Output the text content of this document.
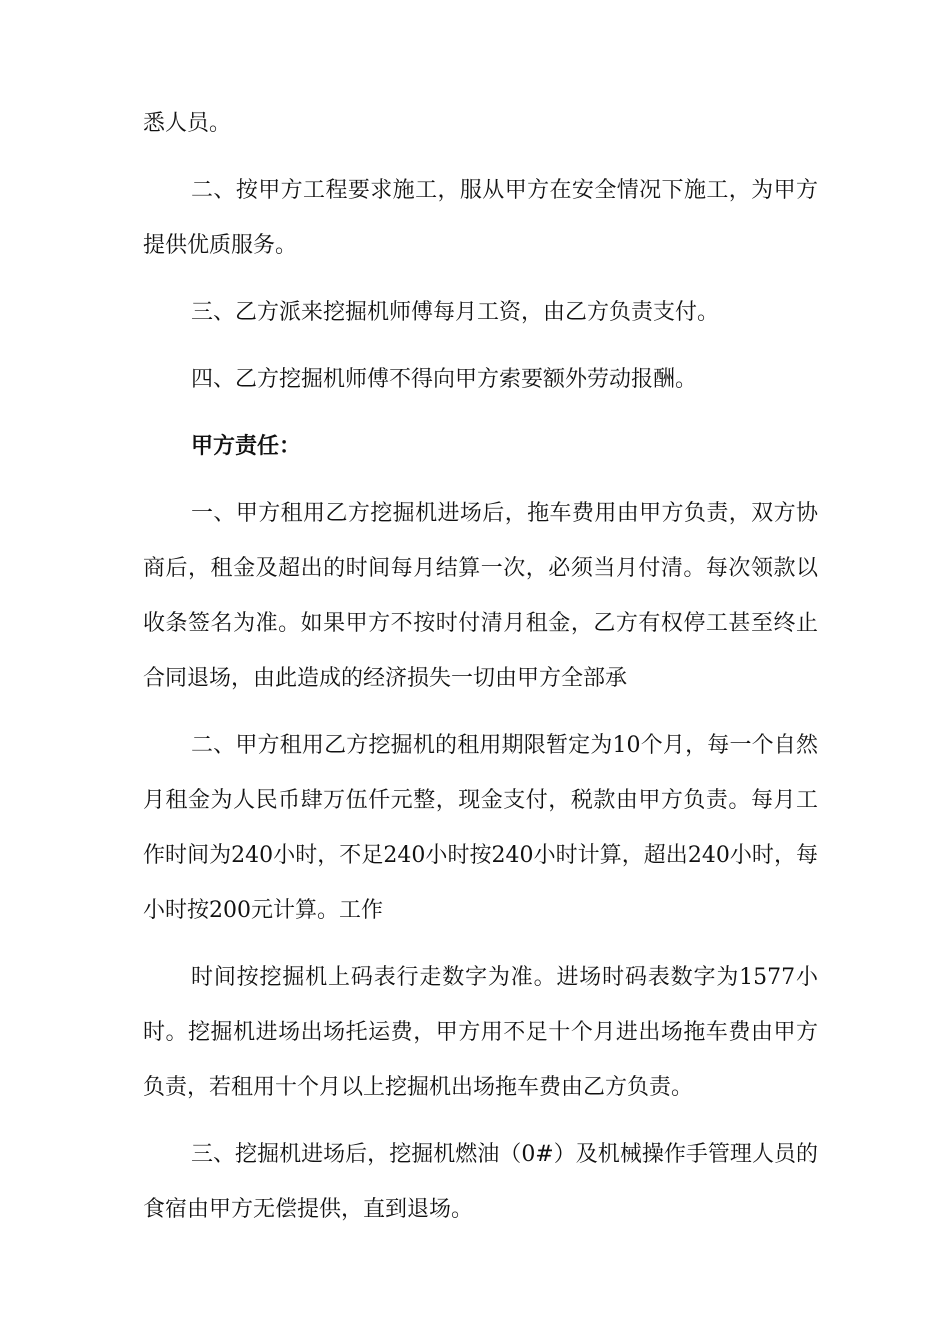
悉人员。

二、按甲方工程要求施工，服从甲方在安全情况下施工，为甲方提供优质服务。

三、乙方派来挖掘机师傅每月工资，由乙方负责支付。

四、乙方挖掘机师傅不得向甲方索要额外劳动报酬。

甲方责任：

一、甲方租用乙方挖掘机进场后，拖车费用由甲方负责，双方协商后，租金及超出的时间每月结算一次，必须当月付清。每次领款以收条签名为准。如果甲方不按时付清月租金，乙方有权停工甚至终止合同退场，由此造成的经济损失一切由甲方全部承

二、甲方租用乙方挖掘机的租用期限暂定为10个月，每一个自然月租金为人民币肆万伍仟元整，现金支付，税款由甲方负责。每月工作时间为240小时，不足240小时按240小时计算，超出240小时，每小时按200元计算。工作

时间按挖掘机上码表行走数字为准。进场时码表数字为1577小时。挖掘机进场出场托运费，甲方用不足十个月进出场拖车费由甲方负责，若租用十个月以上挖掘机出场拖车费由乙方负责。

三、挖掘机进场后，挖掘机燃油（0#）及机械操作手管理人员的食宿由甲方无偿提供，直到退场。
